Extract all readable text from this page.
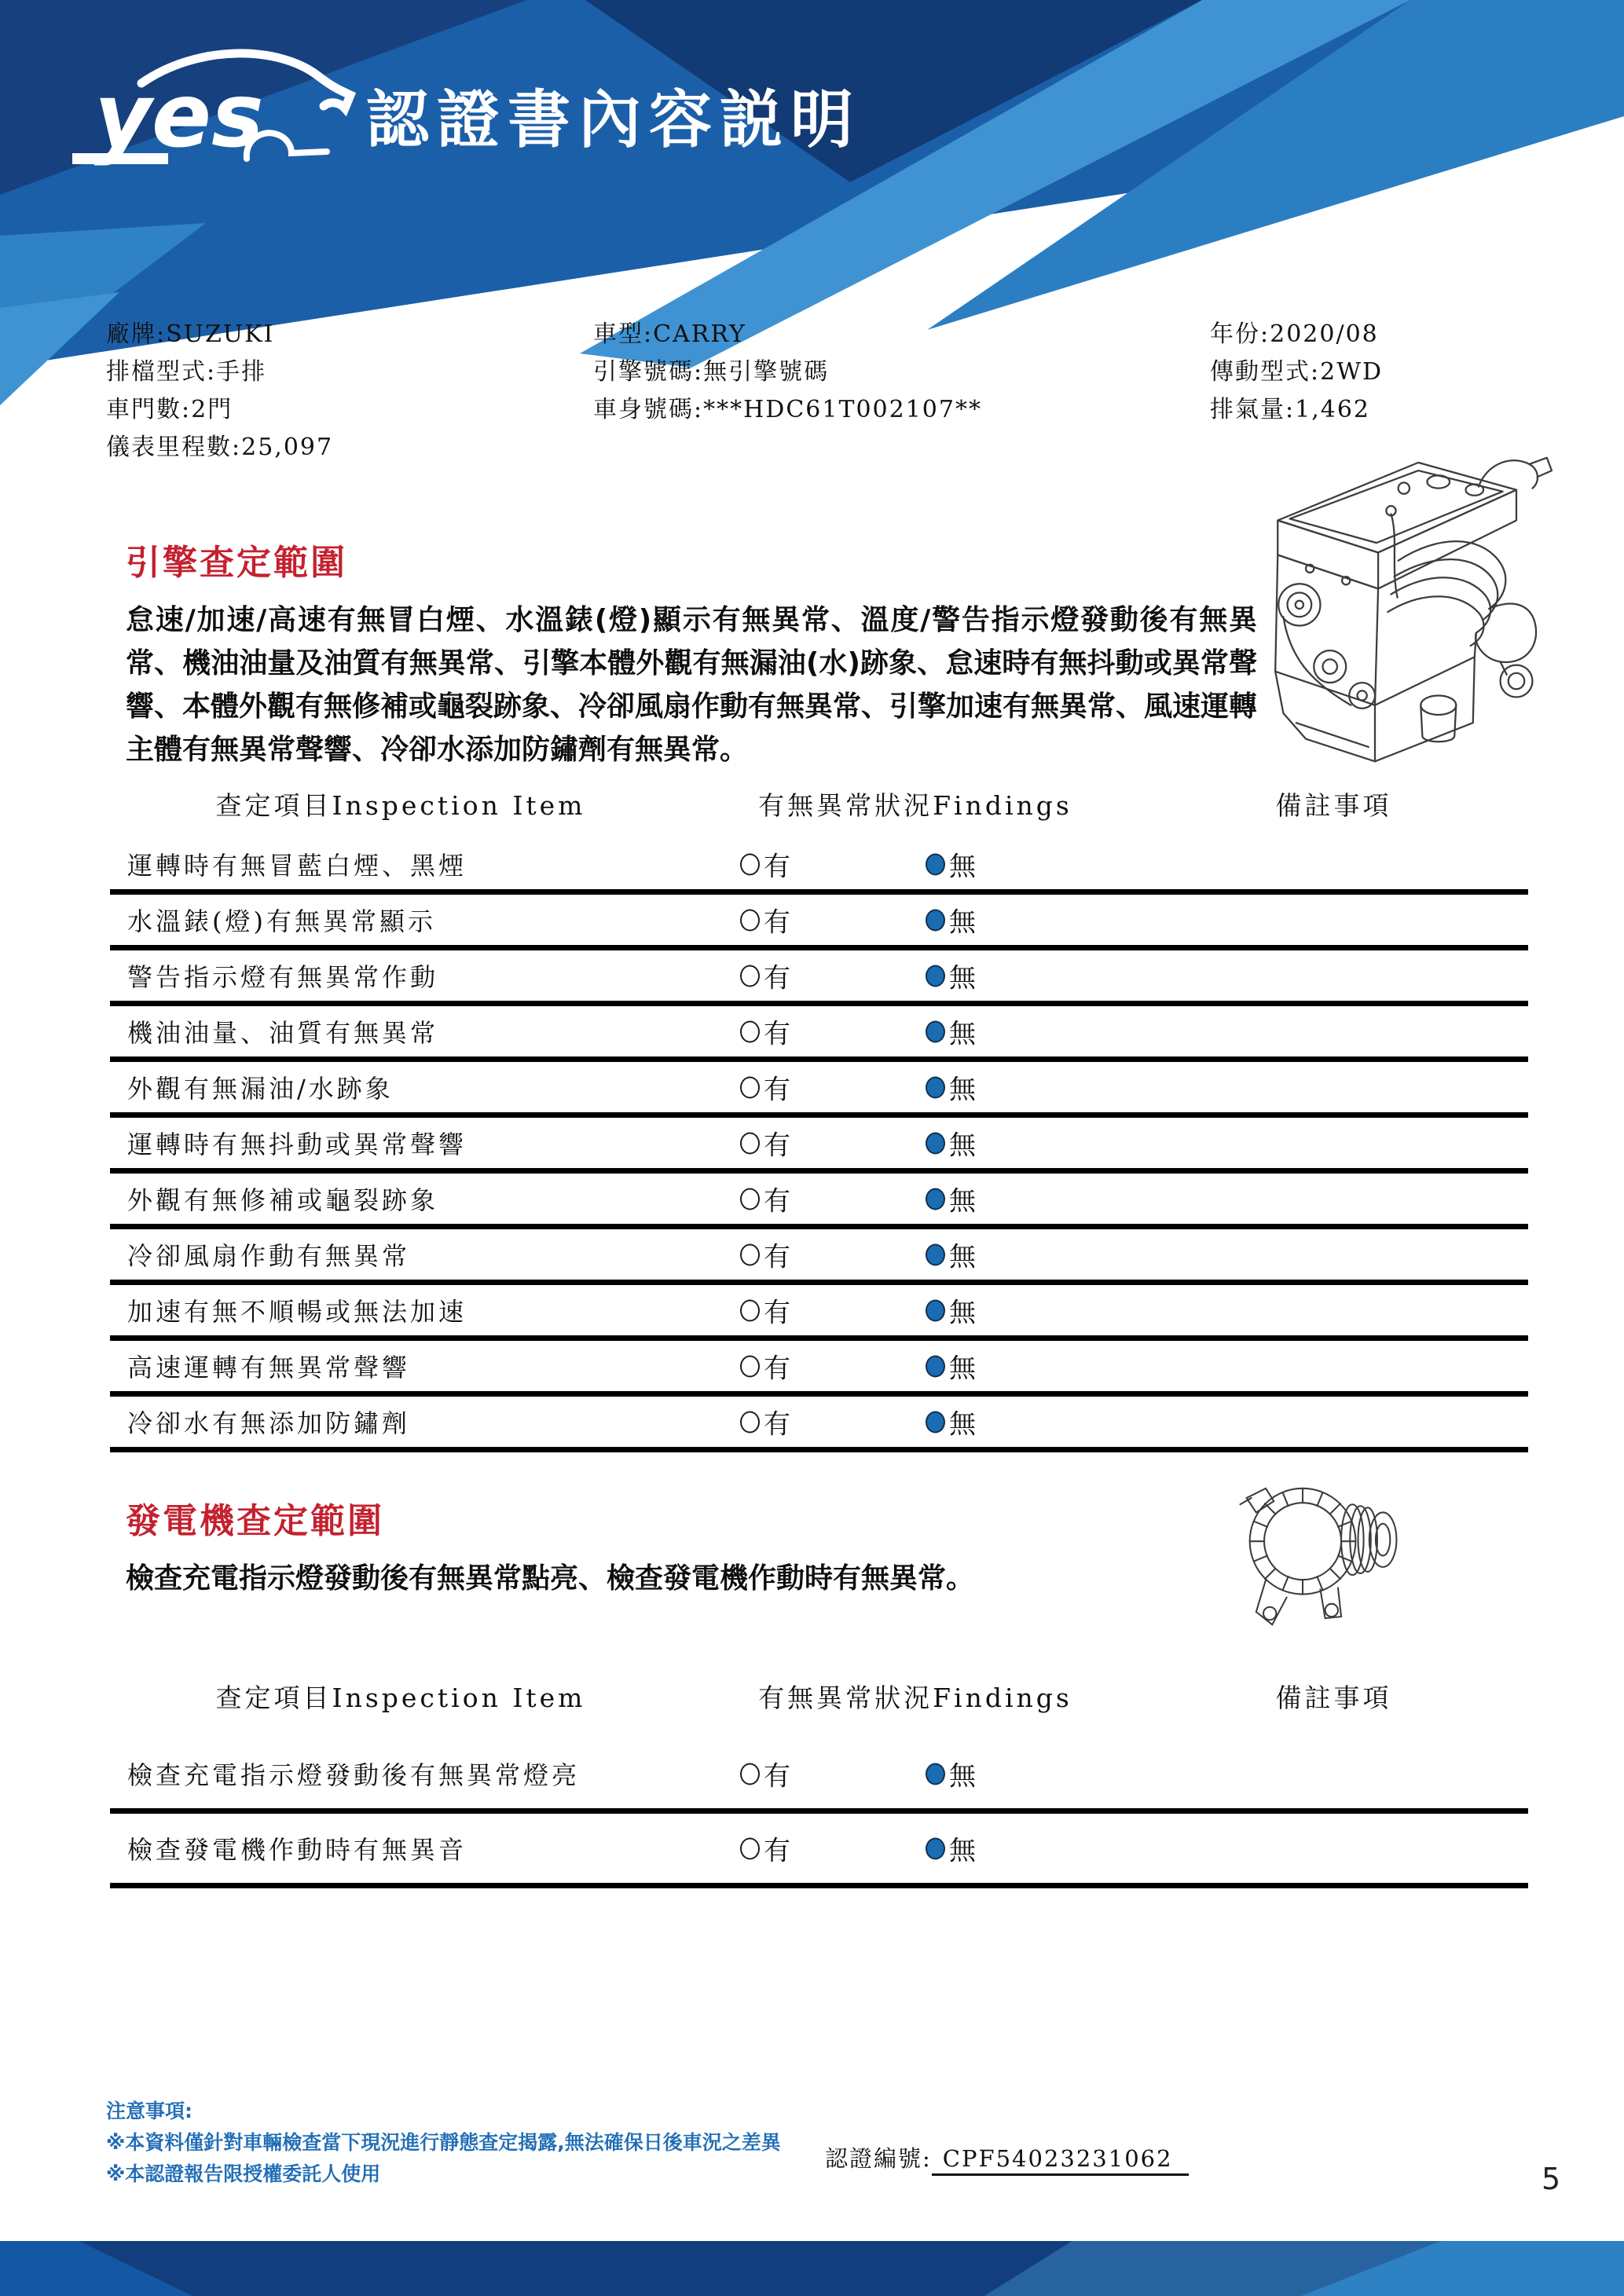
yes 認證書內容説明
廠牌:SUZUKI
排檔型式:手排
車門數:2門
儀表里程數:25,097
車型:CARRY
引擎號碼:無引擎號碼
車身號碼:***HDC61T002107**
年份:2020/08
傳動型式:2WD
排氣量:1,462
引擎查定範圍
怠速/加速/高速有無冒白煙、水溫錶(燈)顯示有無異常、溫度/警告指示燈發動後有無異常、機油油量及油質有無異常、引擎本體外觀有無漏油(水)跡象、怠速時有無抖動或異常聲響、本體外觀有無修補或龜裂跡象、冷卻風扇作動有無異常、引擎加速有無異常、風速運轉主體有無異常聲響、冷卻水添加防鏽劑有無異常。
查定項目Inspection Item	有無異常狀況Findings	備註事項
運轉時有無冒藍白煙、黑煙	有	無
水溫錶(燈)有無異常顯示	有	無
警告指示燈有無異常作動	有	無
機油油量、油質有無異常	有	無
外觀有無漏油/水跡象	有	無
運轉時有無抖動或異常聲響	有	無
外觀有無修補或龜裂跡象	有	無
冷卻風扇作動有無異常	有	無
加速有無不順暢或無法加速	有	無
高速運轉有無異常聲響	有	無
冷卻水有無添加防鏽劑	有	無
發電機查定範圍
檢查充電指示燈發動後有無異常點亮、檢查發電機作動時有無異常。
查定項目Inspection Item	有無異常狀況Findings	備註事項
檢查充電指示燈發動後有無異常燈亮	有	無
檢查發電機作動時有無異音	有	無
注意事項:
※本資料僅針對車輛檢查當下現況進行靜態查定揭露,無法確保日後車況之差異
※本認證報告限授權委託人使用
認證編號: CPF54023231062
5
